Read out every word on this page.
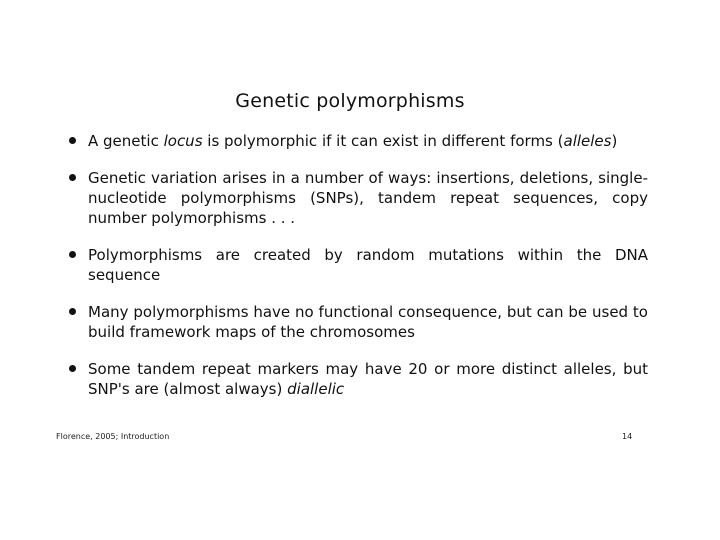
Genetic polymorphisms
A genetic locus is polymorphic if it can exist in different forms (alleles)
Genetic variation arises in a number of ways: insertions, deletions, single-nucleotide polymorphisms (SNPs), tandem repeat sequences, copy number polymorphisms . . .
Polymorphisms are created by random mutations within the DNA sequence
Many polymorphisms have no functional consequence, but can be used to build framework maps of the chromosomes
Some tandem repeat markers may have 20 or more distinct alleles, but SNP's are (almost always) diallelic
Florence, 2005; Introduction	14
